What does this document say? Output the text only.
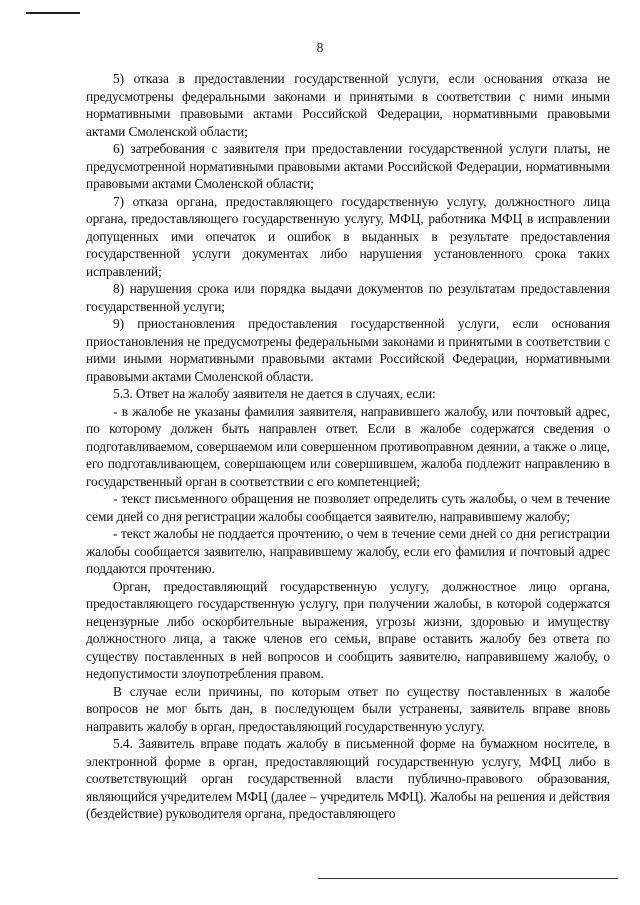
8

5) отказа в предоставлении государственной услуги, если основания отказа не предусмотрены федеральными законами и принятыми в соответствии с ними иными нормативными правовыми актами Российской Федерации, нормативными правовыми актами Смоленской области;

6) затребования с заявителя при предоставлении государственной услуги платы, не предусмотренной нормативными правовыми актами Российской Федерации, нормативными правовыми актами Смоленской области;

7) отказа органа, предоставляющего государственную услугу, должностного лица органа, предоставляющего государственную услугу, МФЦ, работника МФЦ в исправлении допущенных ими опечаток и ошибок в выданных в результате предоставления государственной услуги документах либо нарушения установленного срока таких исправлений;

8) нарушения срока или порядка выдачи документов по результатам предоставления государственной услуги;

9) приостановления предоставления государственной услуги, если основания приостановления не предусмотрены федеральными законами и принятыми в соответствии с ними иными нормативными правовыми актами Российской Федерации, нормативными правовыми актами Смоленской области.

5.3. Ответ на жалобу заявителя не дается в случаях, если:

- в жалобе не указаны фамилия заявителя, направившего жалобу, или почтовый адрес, по которому должен быть направлен ответ. Если в жалобе содержатся сведения о подготавливаемом, совершаемом или совершенном противоправном деянии, а также о лице, его подготавливающем, совершающем или совершившем, жалоба подлежит направлению в государственный орган в соответствии с его компетенцией;

- текст письменного обращения не позволяет определить суть жалобы, о чем в течение семи дней со дня регистрации жалобы сообщается заявителю, направившему жалобу;

- текст жалобы не поддается прочтению, о чем в течение семи дней со дня регистрации жалобы сообщается заявителю, направившему жалобу, если его фамилия и почтовый адрес поддаются прочтению.

Орган, предоставляющий государственную услугу, должностное лицо органа, предоставляющего государственную услугу, при получении жалобы, в которой содержатся нецензурные либо оскорбительные выражения, угрозы жизни, здоровью и имуществу должностного лица, а также членов его семьи, вправе оставить жалобу без ответа по существу поставленных в ней вопросов и сообщить заявителю, направившему жалобу, о недопустимости злоупотребления правом.

В случае если причины, по которым ответ по существу поставленных в жалобе вопросов не мог быть дан, в последующем были устранены, заявитель вправе вновь направить жалобу в орган, предоставляющий государственную услугу.

5.4. Заявитель вправе подать жалобу в письменной форме на бумажном носителе, в электронной форме в орган, предоставляющий государственную услугу, МФЦ либо в соответствующий орган государственной власти публично-правового образования, являющийся учредителем МФЦ (далее – учредитель МФЦ). Жалобы на решения и действия (бездействие) руководителя органа, предоставляющего
